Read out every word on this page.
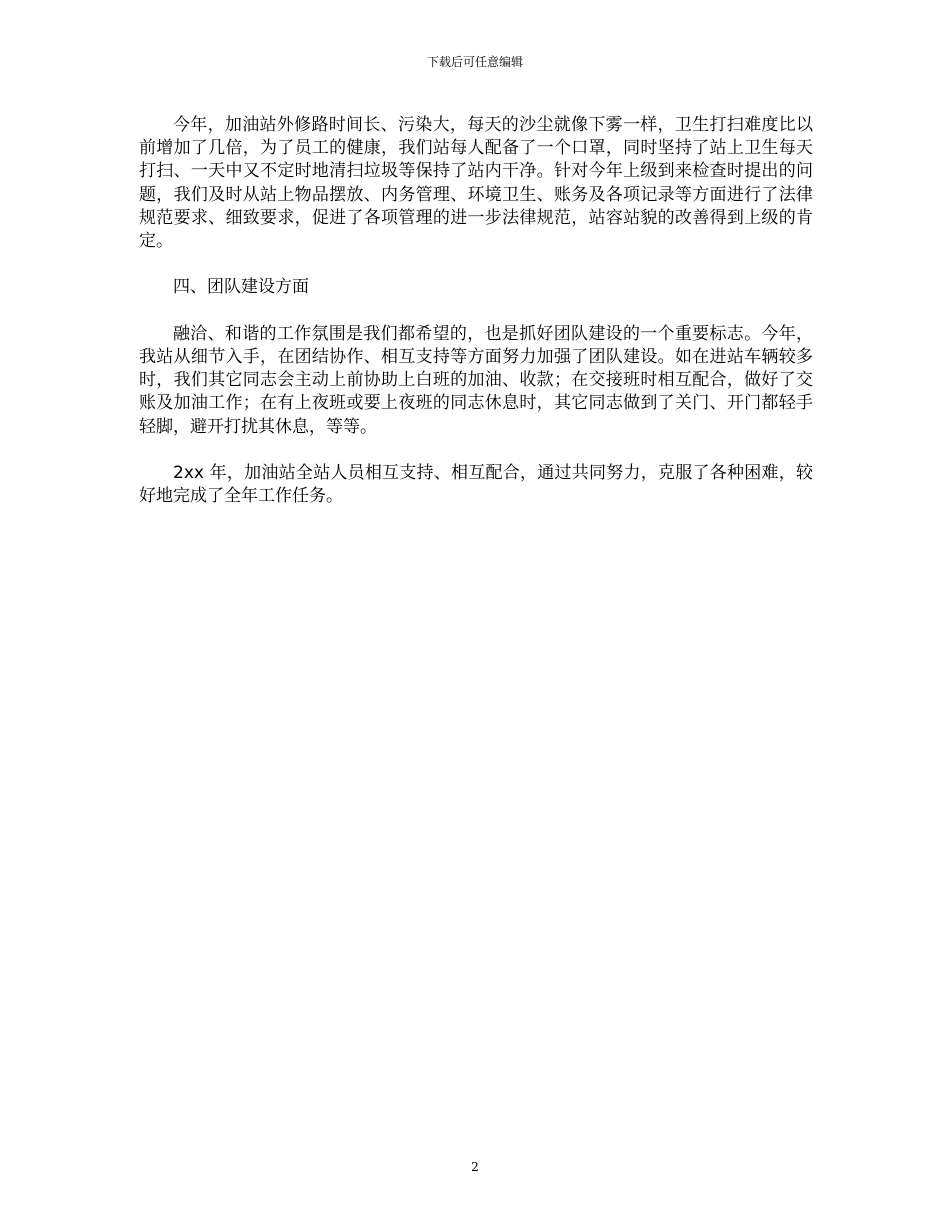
下载后可任意编辑

今年，加油站外修路时间长、污染大，每天的沙尘就像下雾一样，卫生打扫难度比以前增加了几倍，为了员工的健康，我们站每人配备了一个口罩，同时坚持了站上卫生每天打扫、一天中又不定时地清扫垃圾等保持了站内干净。针对今年上级到来检查时提出的问题，我们及时从站上物品摆放、内务管理、环境卫生、账务及各项记录等方面进行了法律规范要求、细致要求，促进了各项管理的进一步法律规范，站容站貌的改善得到上级的肯定。

四、团队建设方面

融洽、和谐的工作氛围是我们都希望的，也是抓好团队建设的一个重要标志。今年，我站从细节入手，在团结协作、相互支持等方面努力加强了团队建设。如在进站车辆较多时，我们其它同志会主动上前协助上白班的加油、收款；在交接班时相互配合，做好了交账及加油工作；在有上夜班或要上夜班的同志休息时，其它同志做到了关门、开门都轻手轻脚，避开打扰其休息，等等。

2xx 年，加油站全站人员相互支持、相互配合，通过共同努力，克服了各种困难，较好地完成了全年工作任务。

2
